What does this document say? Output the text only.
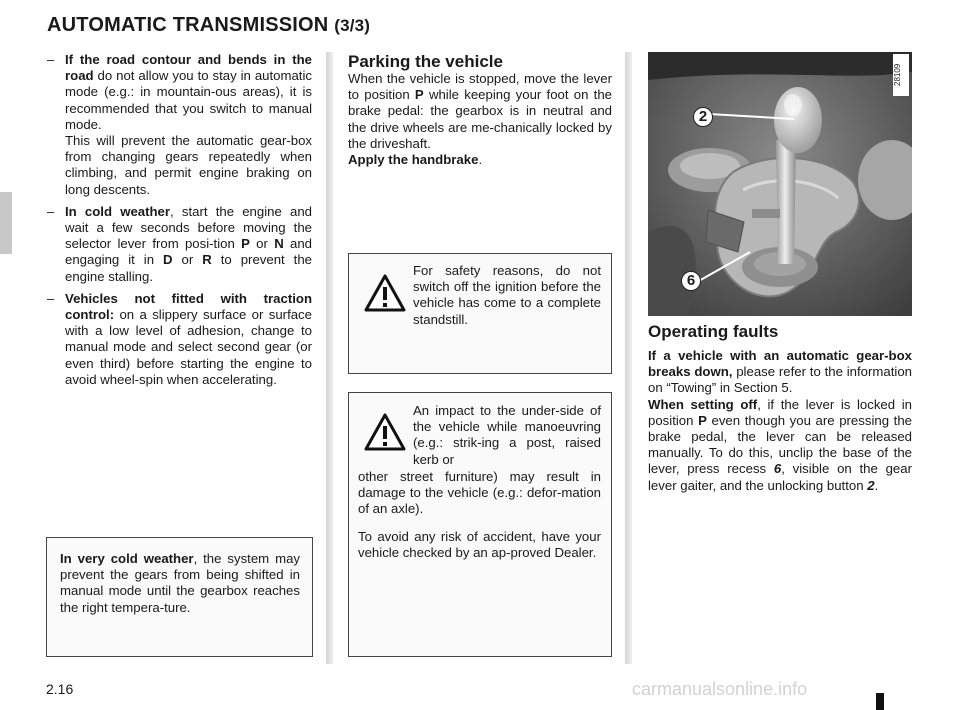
AUTOMATIC TRANSMISSION (3/3)
– If the road contour and bends in the road do not allow you to stay in automatic mode (e.g.: in mountain-ous areas), it is recommended that you switch to manual mode.

This will prevent the automatic gear-box from changing gears repeatedly when climbing, and permit engine braking on long descents.

– In cold weather, start the engine and wait a few seconds before moving the selector lever from posi-tion P or N and engaging it in D or R to prevent the engine stalling.

– Vehicles not fitted with traction control: on a slippery surface or surface with a low level of adhesion, change to manual mode and select second gear (or even third) before starting the engine to avoid wheel-spin when accelerating.

In very cold weather, the system may prevent the gears from being shifted in manual mode until the gearbox reaches the right tempera-ture.

Parking the vehicle

When the vehicle is stopped, move the lever to position P while keeping your foot on the brake pedal: the gearbox is in neutral and the drive wheels are me-chanically locked by the driveshaft.

Apply the handbrake.

For safety reasons, do not switch off the ignition before the vehicle has come to a complete standstill.
An impact to the under-side of the vehicle while manoeuvring (e.g.: strik-ing a post, raised kerb or
other street furniture) may result in damage to the vehicle (e.g.: defor-mation of an axle).
To avoid any risk of accident, have your vehicle checked by an ap-proved Dealer.
2
6
28109
Operating faults

If a vehicle with an automatic gear-box breaks down, please refer to the information on “Towing” in Section 5.

When setting off, if the lever is locked in position P even though you are pressing the brake pedal, the lever can be released manually. To do this, unclip the base of the lever, press recess 6, visible on the gear lever gaiter, and the unlocking button 2.

2.16	carmanualsonline.info
